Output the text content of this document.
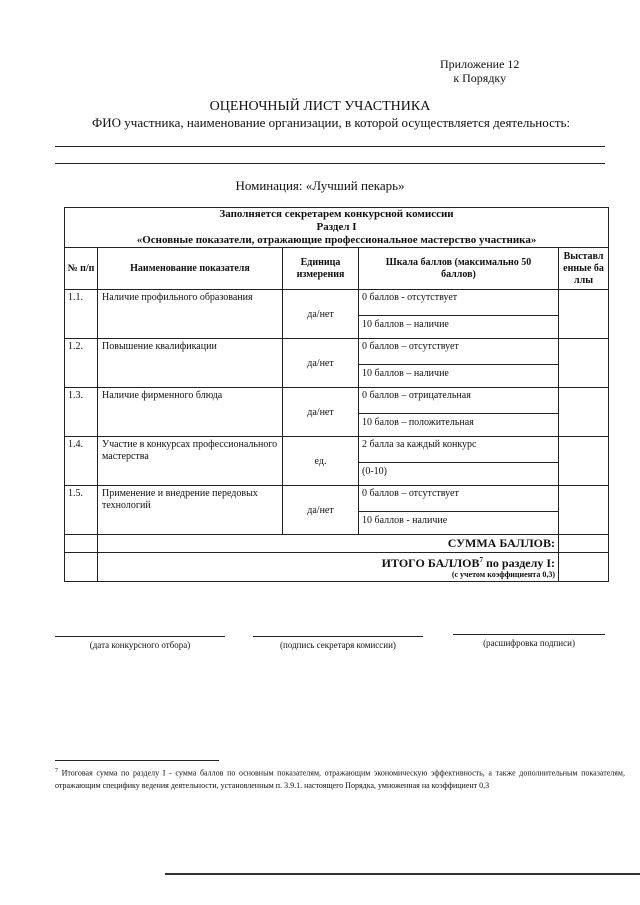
Приложение 12
к Порядку
ОЦЕНОЧНЫЙ ЛИСТ УЧАСТНИКА
ФИО участника, наименование организации, в которой осуществляется деятельность:
Номинация: «Лучший пекарь»
Заполняется секретарем конкурсной комиссии
Раздел I
«Основные показатели, отражающие профессиональное мастерство участника»				

№ п/п	Наименование показателя	Единица измерения	Шкала баллов (максимально 50 баллов)	Выставленные баллы
1.1.	Наличие профильного образования	да/нет	0 баллов - отсутствует	
			10 баллов – наличие	
1.2.	Повышение квалификации	да/нет	0 баллов – отсутствует	
			10 баллов – наличие	
1.3.	Наличие фирменного блюда	да/нет	0 баллов – отрицательная	
			10 балов – положительная	
1.4.	Участие в конкурсах профессионального мастерства	ед.	2 балла за каждый конкурс	
			(0-10)	
1.5.	Применение и внедрение передовых технологий	да/нет	0 баллов – отсутствует	
			10 баллов - наличие	
	СУММА БАЛЛОВ:			
	ИТОГО БАЛЛОВ$^7$ по разделу I:
(с учетом коэффициента 0,3)			

(дата конкурсного отбора)	(подпись секретаря комиссии)	(расшифровка подписи)
$^7$ Итоговая сумма по разделу I - сумма баллов по основным показателям, отражающим экономическую эффективность, а также дополнительным показателям, отражающим специфику ведения деятельности, установленным п. 3.9.1. настоящего Порядка, умноженная на коэффициент 0,3
